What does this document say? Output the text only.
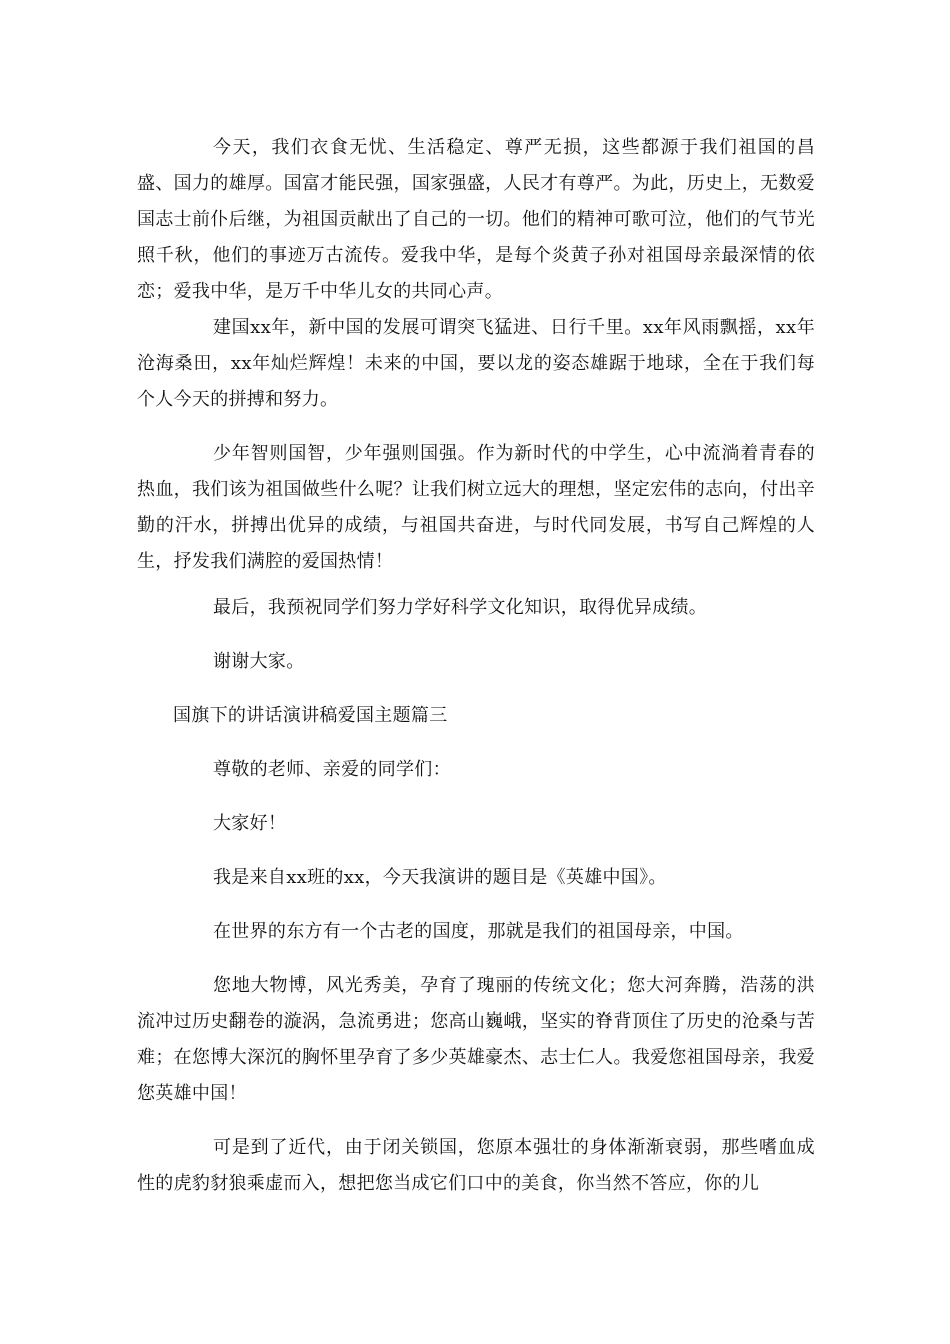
今天，我们衣食无忧、生活稳定、尊严无损，这些都源于我们祖国的昌盛、国力的雄厚。国富才能民强，国家强盛，人民才有尊严。为此，历史上，无数爱国志士前仆后继，为祖国贡献出了自己的一切。他们的精神可歌可泣，他们的气节光照千秋，他们的事迹万古流传。爱我中华，是每个炎黄子孙对祖国母亲最深情的依恋；爱我中华，是万千中华儿女的共同心声。

建国xx年，新中国的发展可谓突飞猛进、日行千里。xx年风雨飘摇，xx年沧海桑田，xx年灿烂辉煌！未来的中国，要以龙的姿态雄踞于地球，全在于我们每个人今天的拼搏和努力。

少年智则国智，少年强则国强。作为新时代的中学生，心中流淌着青春的热血，我们该为祖国做些什么呢？让我们树立远大的理想，坚定宏伟的志向，付出辛勤的汗水，拼搏出优异的成绩，与祖国共奋进，与时代同发展，书写自己辉煌的人生，抒发我们满腔的爱国热情！

最后，我预祝同学们努力学好科学文化知识，取得优异成绩。

谢谢大家。

国旗下的讲话演讲稿爱国主题篇三

尊敬的老师、亲爱的同学们：

大家好！

我是来自xx班的xx，今天我演讲的题目是《英雄中国》。

在世界的东方有一个古老的国度，那就是我们的祖国母亲，中国。

您地大物博，风光秀美，孕育了瑰丽的传统文化；您大河奔腾，浩荡的洪流冲过历史翻卷的漩涡，急流勇进；您高山巍峨，坚实的脊背顶住了历史的沧桑与苦难；在您博大深沉的胸怀里孕育了多少英雄豪杰、志士仁人。我爱您祖国母亲，我爱您英雄中国！

可是到了近代，由于闭关锁国，您原本强壮的身体渐渐衰弱，那些嗜血成性的虎豹豺狼乘虚而入，想把您当成它们口中的美食，你当然不答应，你的儿
